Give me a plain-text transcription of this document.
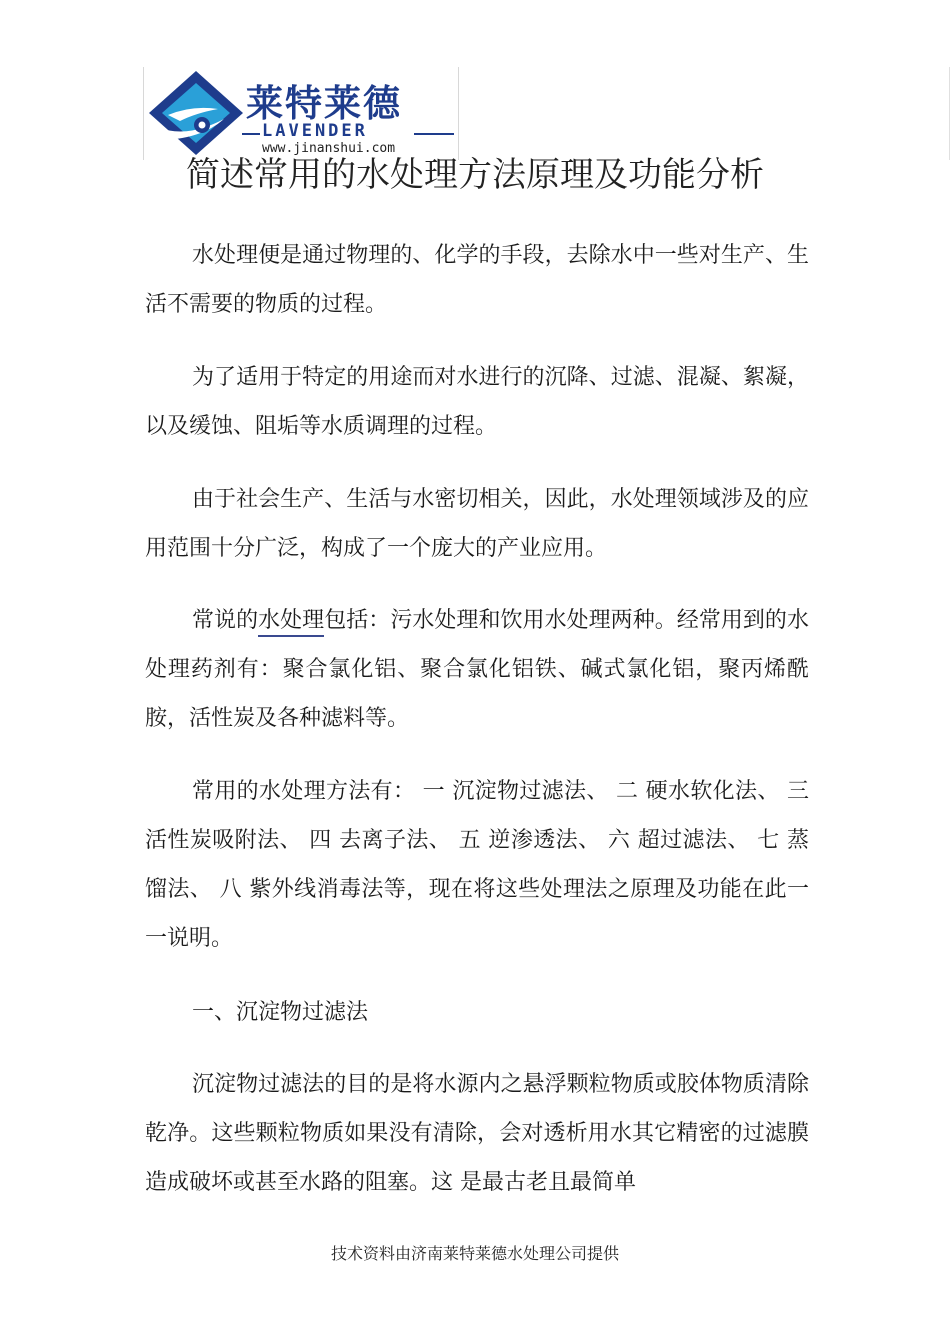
莱特莱德
LAVENDER
www.jinanshui.com
简述常用的水处理方法原理及功能分析

水处理便是通过物理的、化学的手段，去除水中一些对生产、生活不需要的物质的过程。

为了适用于特定的用途而对水进行的沉降、过滤、混凝、絮凝，以及缓蚀、阻垢等水质调理的过程。

由于社会生产、生活与水密切相关，因此，水处理领域涉及的应用范围十分广泛，构成了一个庞大的产业应用。

常说的水处理包括：污水处理和饮用水处理两种。经常用到的水处理药剂有：聚合氯化铝、聚合氯化铝铁、碱式氯化铝，聚丙烯酰胺，活性炭及各种滤料等。

常用的水处理方法有： 一 沉淀物过滤法、 二 硬水软化法、 三 活性炭吸附法、 四 去离子法、 五 逆渗透法、 六 超过滤法、 七 蒸馏法、 八 紫外线消毒法等，现在将这些处理法之原理及功能在此一一说明。

一、沉淀物过滤法

沉淀物过滤法的目的是将水源内之悬浮颗粒物质或胶体物质清除乾净。这些颗粒物质如果没有清除，会对透析用水其它精密的过滤膜造成破坏或甚至水路的阻塞。这 是最古老且最简单

技术资料由济南莱特莱德水处理公司提供
